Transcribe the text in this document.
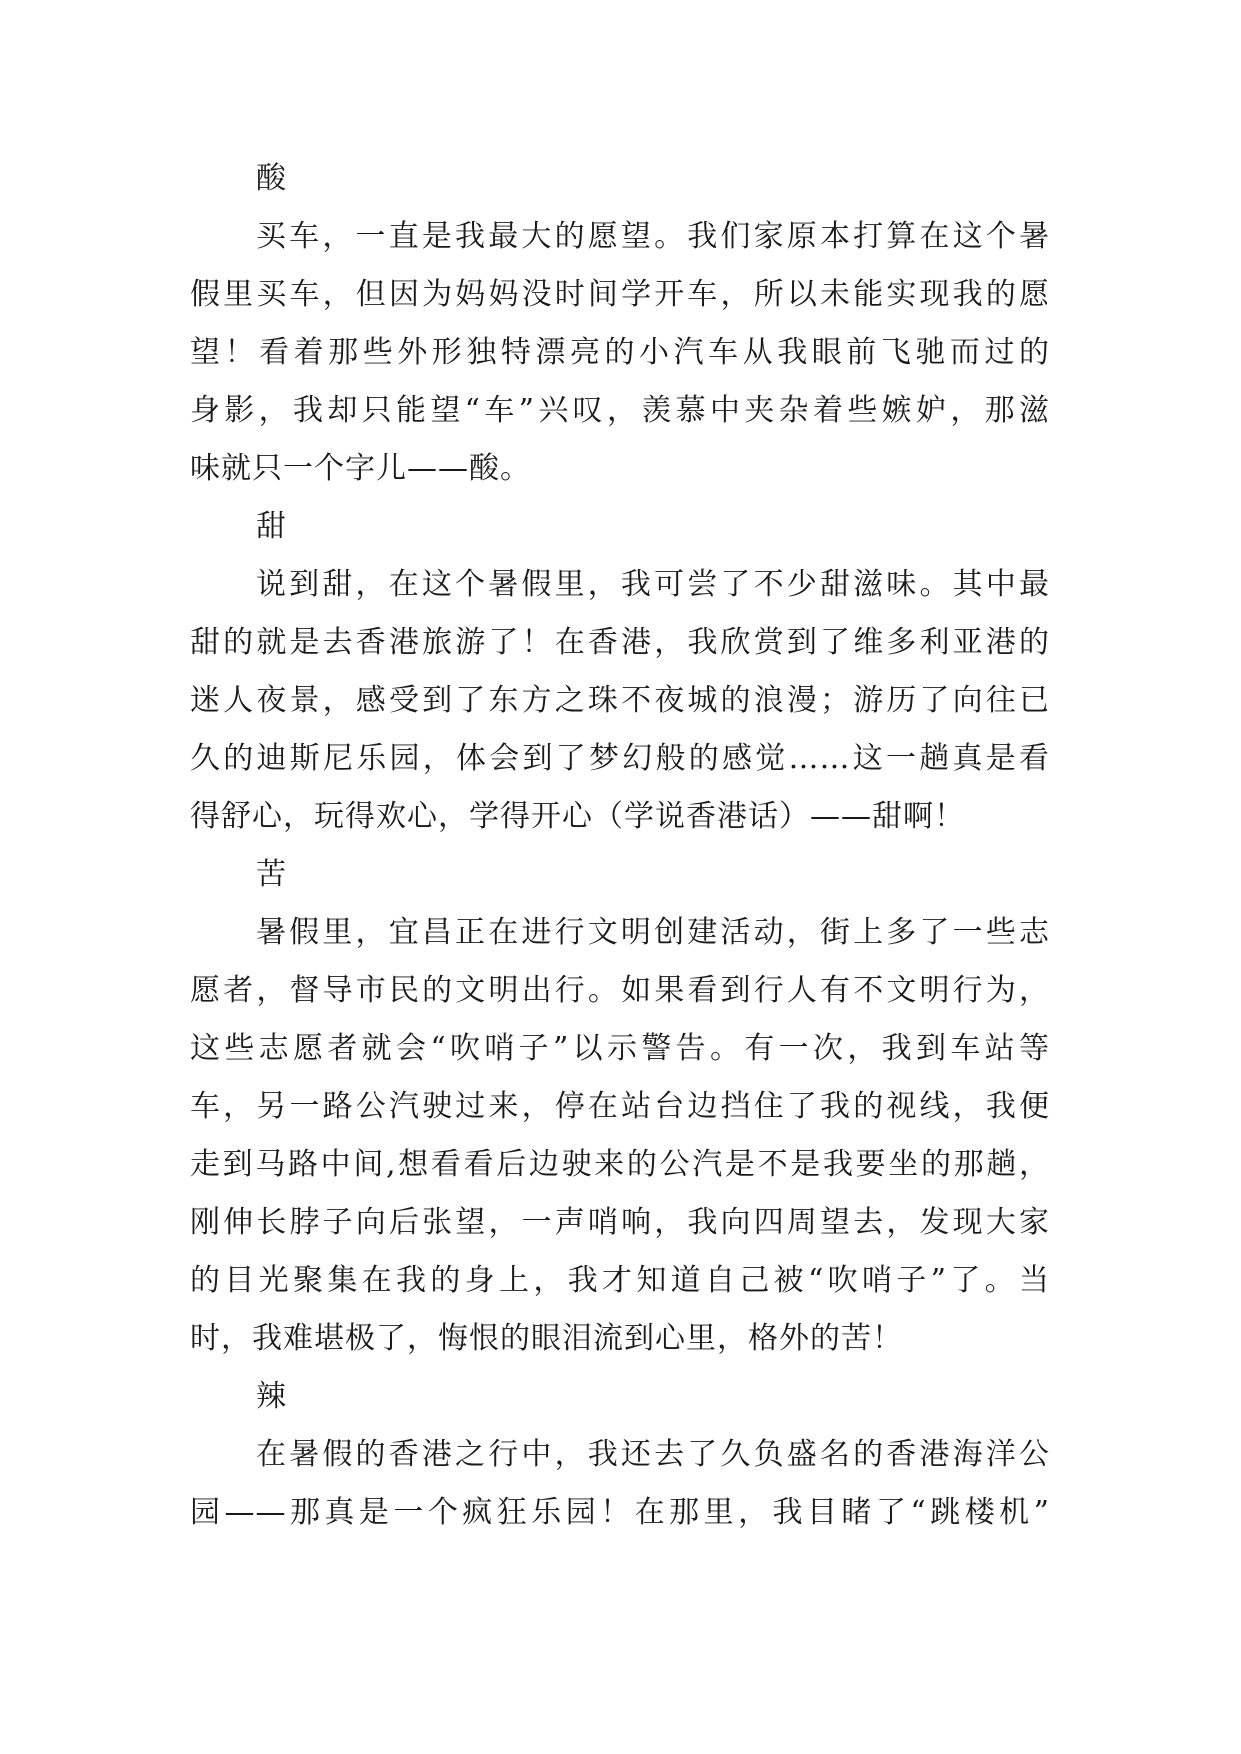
酸
买车，一直是我最大的愿望。我们家原本打算在这个暑
假里买车，但因为妈妈没时间学开车，所以未能实现我的愿
望！看着那些外形独特漂亮的小汽车从我眼前飞驰而过的
身影，我却只能望“车”兴叹，羡慕中夹杂着些嫉妒，那滋
味就只一个字儿——酸。
甜
说到甜，在这个暑假里，我可尝了不少甜滋味。其中最
甜的就是去香港旅游了！在香港，我欣赏到了维多利亚港的
迷人夜景，感受到了东方之珠不夜城的浪漫；游历了向往已
久的迪斯尼乐园，体会到了梦幻般的感觉……这一趟真是看
得舒心，玩得欢心，学得开心（学说香港话）——甜啊！
苦
暑假里，宜昌正在进行文明创建活动，街上多了一些志
愿者，督导市民的文明出行。如果看到行人有不文明行为，
这些志愿者就会“吹哨子”以示警告。有一次，我到车站等
车，另一路公汽驶过来，停在站台边挡住了我的视线，我便
走到马路中间,想看看后边驶来的公汽是不是我要坐的那趟，
刚伸长脖子向后张望，一声哨响，我向四周望去，发现大家
的目光聚集在我的身上，我才知道自己被“吹哨子”了。当
时，我难堪极了，悔恨的眼泪流到心里，格外的苦！
辣
在暑假的香港之行中，我还去了久负盛名的香港海洋公
园——那真是一个疯狂乐园！在那里，我目睹了“跳楼机”
